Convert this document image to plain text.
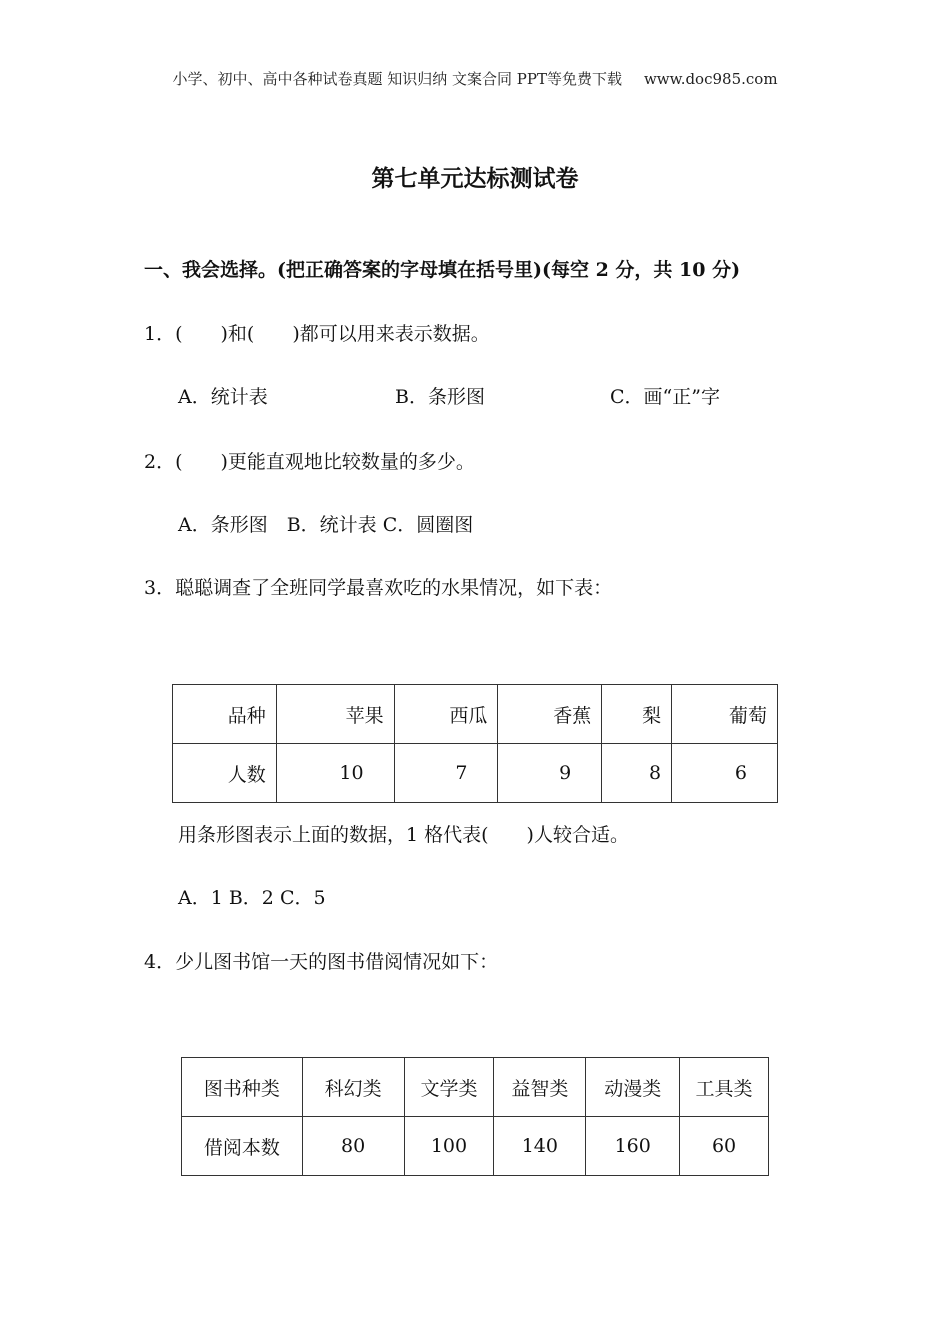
小学、初中、高中各种试卷真题 知识归纳 文案合同 PPT等免费下载 www.doc985.com
第七单元达标测试卷
一、我会选择。(把正确答案的字母填在括号里)(每空 2 分，共 10 分)
1．(　　)和(　　)都可以用来表示数据。
A．统计表	B．条形图	C．画“正”字
2．(　　)更能直观地比较数量的多少。
A．条形图　B．统计表 C．圆圈图
3．聪聪调查了全班同学最喜欢吃的水果情况，如下表：
品种	苹果	西瓜	香蕉	梨	葡萄
人数	10	7	9	8	6
用条形图表示上面的数据，1 格代表(　　)人较合适。
A．1 B．2 C．5
4．少儿图书馆一天的图书借阅情况如下：
图书种类	科幻类	文学类	益智类	动漫类	工具类
借阅本数	80	100	140	160	60
